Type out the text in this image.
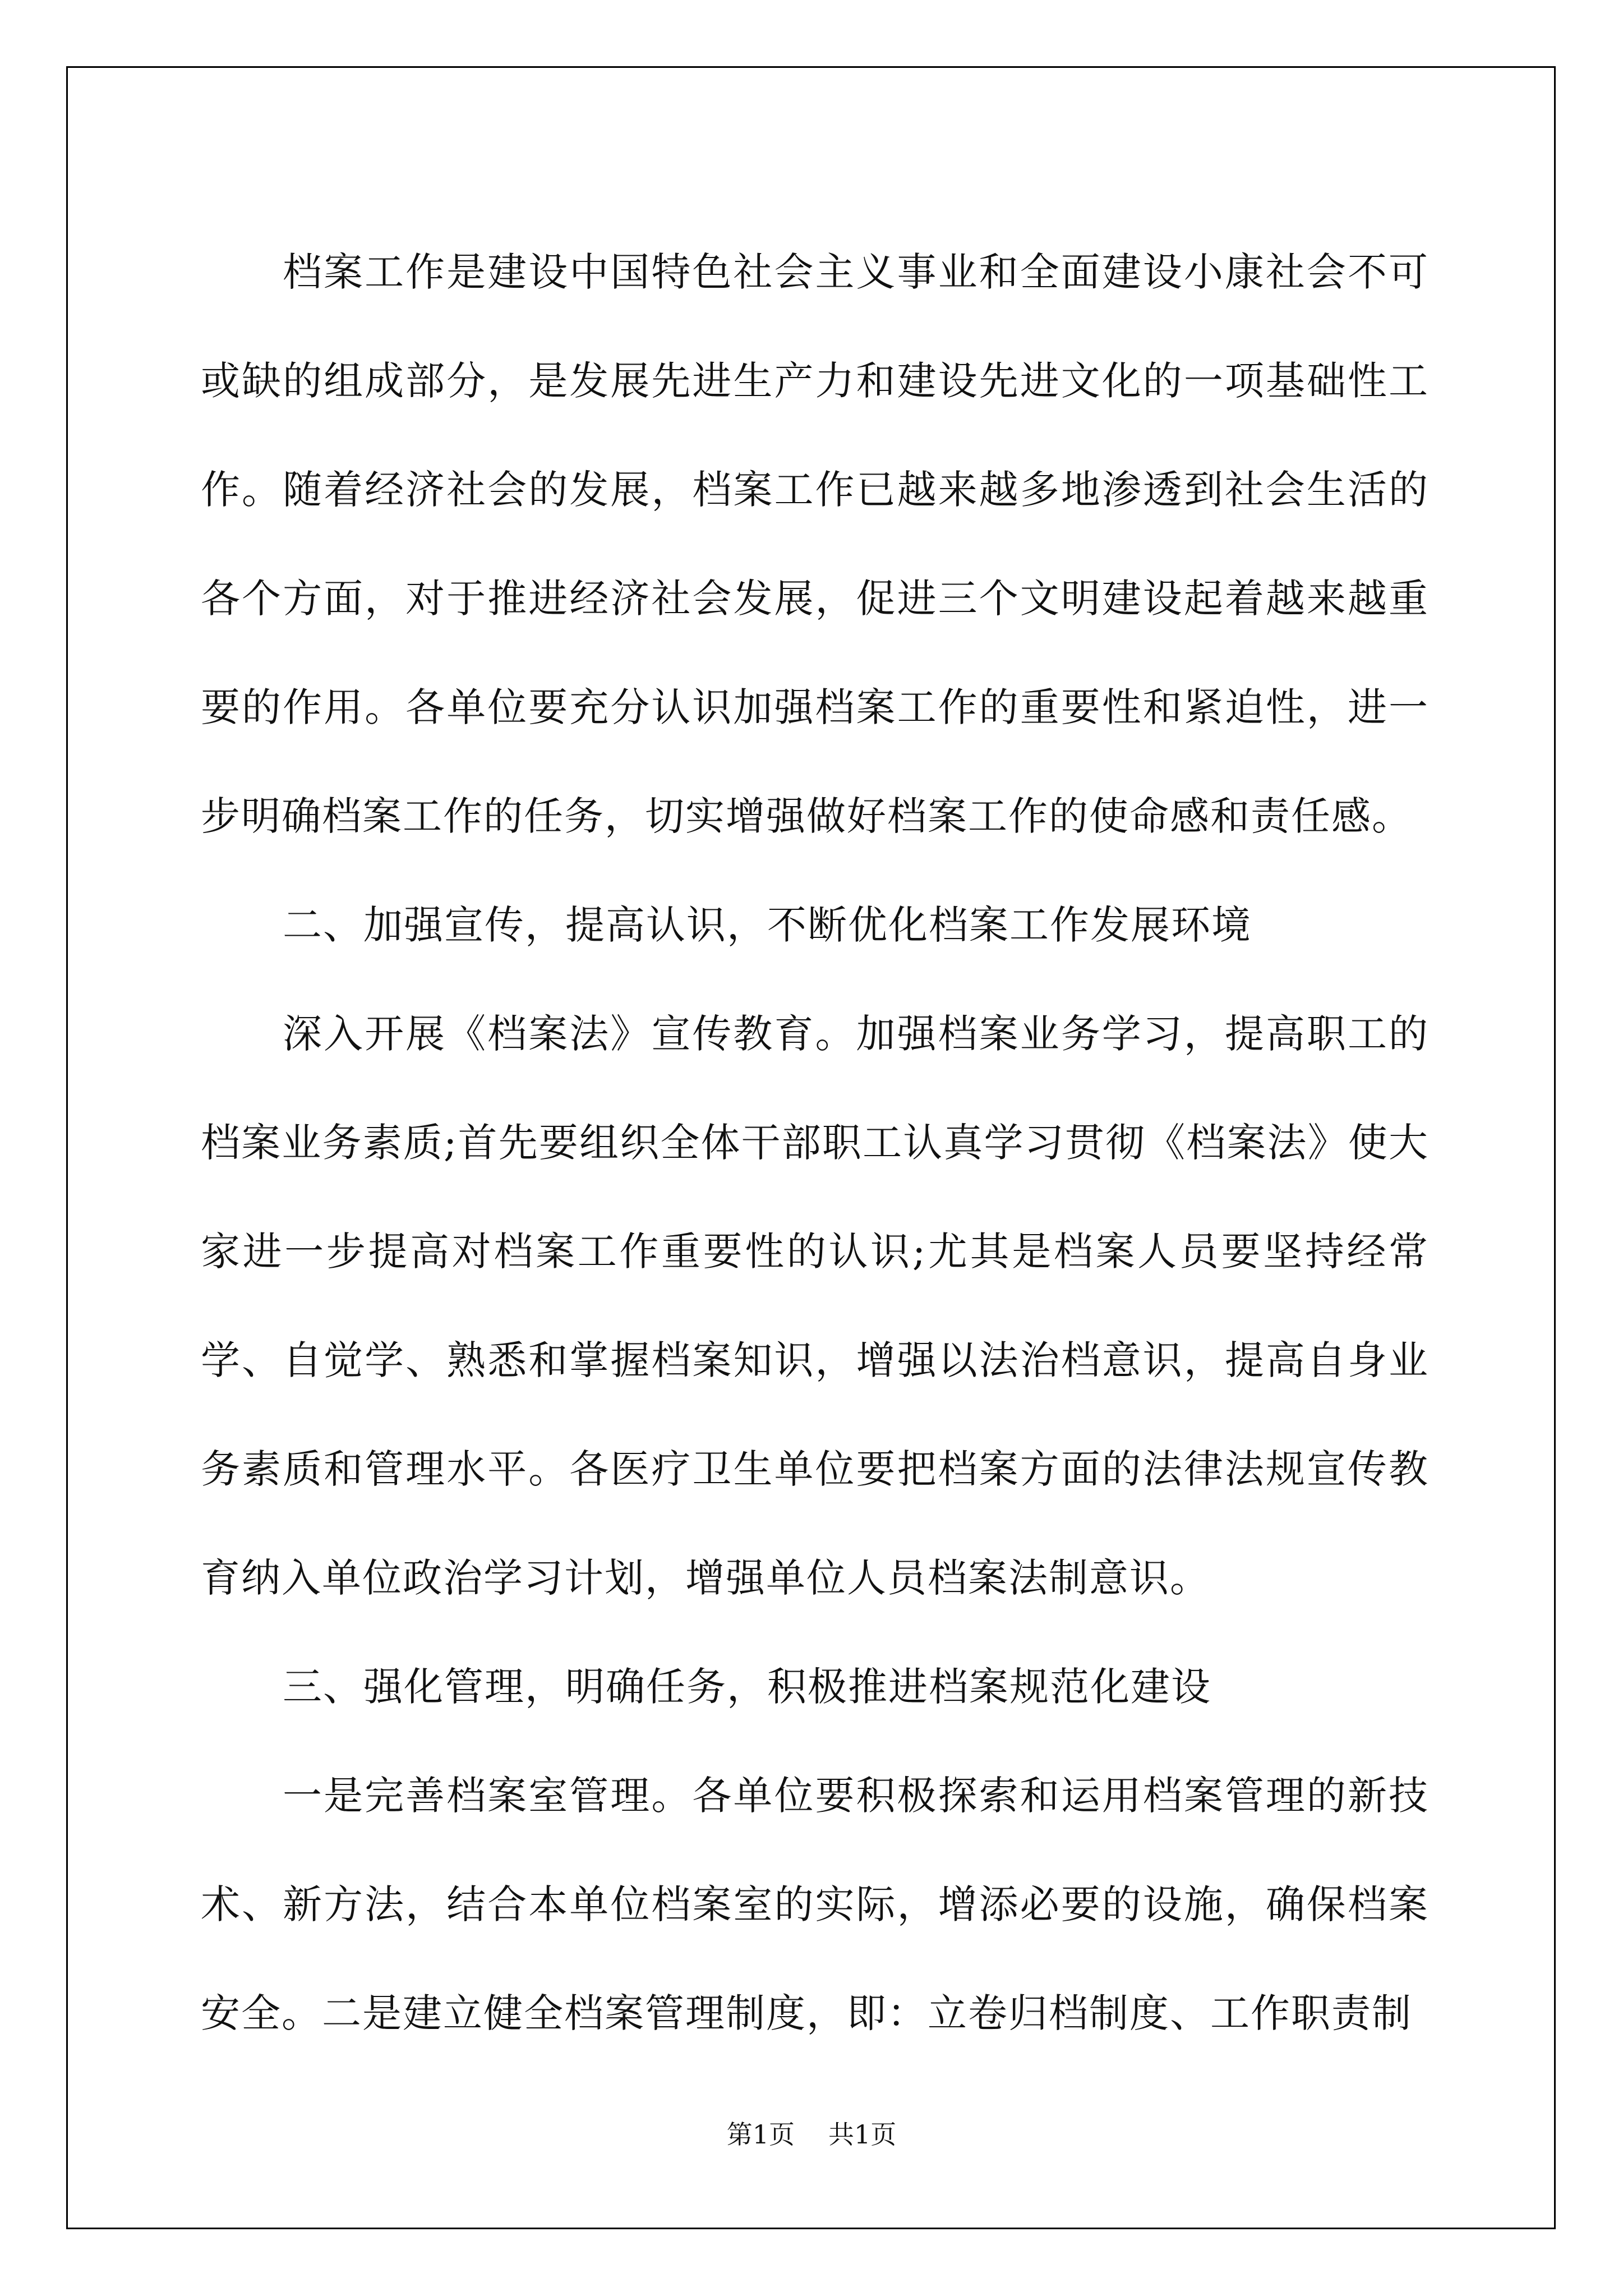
档案工作是建设中国特色社会主义事业和全面建设小康社会不可或缺的组成部分，是发展先进生产力和建设先进文化的一项基础性工作。随着经济社会的发展，档案工作已越来越多地渗透到社会生活的各个方面，对于推进经济社会发展，促进三个文明建设起着越来越重要的作用。各单位要充分认识加强档案工作的重要性和紧迫性，进一步明确档案工作的任务，切实增强做好档案工作的使命感和责任感。

二、加强宣传，提高认识，不断优化档案工作发展环境

深入开展《档案法》宣传教育。加强档案业务学习，提高职工的档案业务素质;首先要组织全体干部职工认真学习贯彻《档案法》使大家进一步提高对档案工作重要性的认识;尤其是档案人员要坚持经常学、自觉学、熟悉和掌握档案知识，增强以法治档意识，提高自身业务素质和管理水平。各医疗卫生单位要把档案方面的法律法规宣传教育纳入单位政治学习计划，增强单位人员档案法制意识。

三、强化管理，明确任务，积极推进档案规范化建设

一是完善档案室管理。各单位要积极探索和运用档案管理的新技术、新方法，结合本单位档案室的实际，增添必要的设施，确保档案安全。二是建立健全档案管理制度，即：立卷归档制度、工作职责制

第1页 共1页
